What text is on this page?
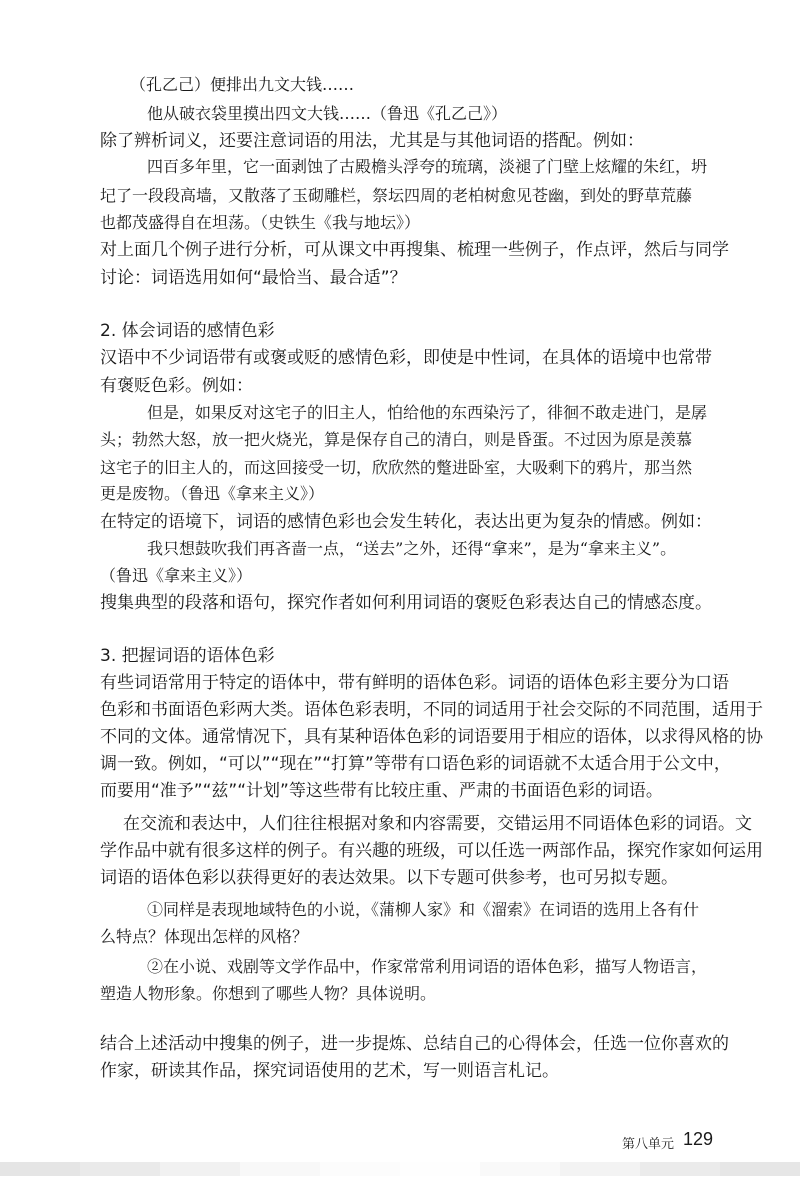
（孔乙己）便排出九文大钱……
他从破衣袋里摸出四文大钱……（鲁迅《孔乙己》）
除了辨析词义，还要注意词语的用法，尤其是与其他词语的搭配。例如：
四百多年里，它一面剥蚀了古殿檐头浮夸的琉璃，淡褪了门壁上炫耀的朱红，坍
圮了一段段高墙，又散落了玉砌雕栏，祭坛四周的老柏树愈见苍幽，到处的野草荒藤
也都茂盛得自在坦荡。（史铁生《我与地坛》）
对上面几个例子进行分析，可从课文中再搜集、梳理一些例子，作点评，然后与同学
讨论：词语选用如何“最恰当、最合适”？
2. 体会词语的感情色彩
汉语中不少词语带有或褒或贬的感情色彩，即使是中性词，在具体的语境中也常带
有褒贬色彩。例如：
但是，如果反对这宅子的旧主人，怕给他的东西染污了，徘徊不敢走进门，是孱
头；勃然大怒，放一把火烧光，算是保存自己的清白，则是昏蛋。不过因为原是羡慕
这宅子的旧主人的，而这回接受一切，欣欣然的蹩进卧室，大吸剩下的鸦片，那当然
更是废物。（鲁迅《拿来主义》）
在特定的语境下，词语的感情色彩也会发生转化，表达出更为复杂的情感。例如：
我只想鼓吹我们再吝啬一点，“送去”之外，还得“拿来”，是为“拿来主义”。
（鲁迅《拿来主义》）
搜集典型的段落和语句，探究作者如何利用词语的褒贬色彩表达自己的情感态度。
3. 把握词语的语体色彩
有些词语常用于特定的语体中，带有鲜明的语体色彩。词语的语体色彩主要分为口语
色彩和书面语色彩两大类。语体色彩表明，不同的词适用于社会交际的不同范围，适用于
不同的文体。通常情况下，具有某种语体色彩的词语要用于相应的语体，以求得风格的协
调一致。例如，“可以”“现在”“打算”等带有口语色彩的词语就不太适合用于公文中，
而要用“准予”“兹”“计划”等这些带有比较庄重、严肃的书面语色彩的词语。
在交流和表达中，人们往往根据对象和内容需要，交错运用不同语体色彩的词语。文
学作品中就有很多这样的例子。有兴趣的班级，可以任选一两部作品，探究作家如何运用
词语的语体色彩以获得更好的表达效果。以下专题可供参考，也可另拟专题。
①同样是表现地域特色的小说，《蒲柳人家》和《溜索》在词语的选用上各有什
么特点？体现出怎样的风格？
②在小说、戏剧等文学作品中，作家常常利用词语的语体色彩，描写人物语言，
塑造人物形象。你想到了哪些人物？具体说明。
结合上述活动中搜集的例子，进一步提炼、总结自己的心得体会，任选一位你喜欢的
作家，研读其作品，探究词语使用的艺术，写一则语言札记。
第八单元 129
